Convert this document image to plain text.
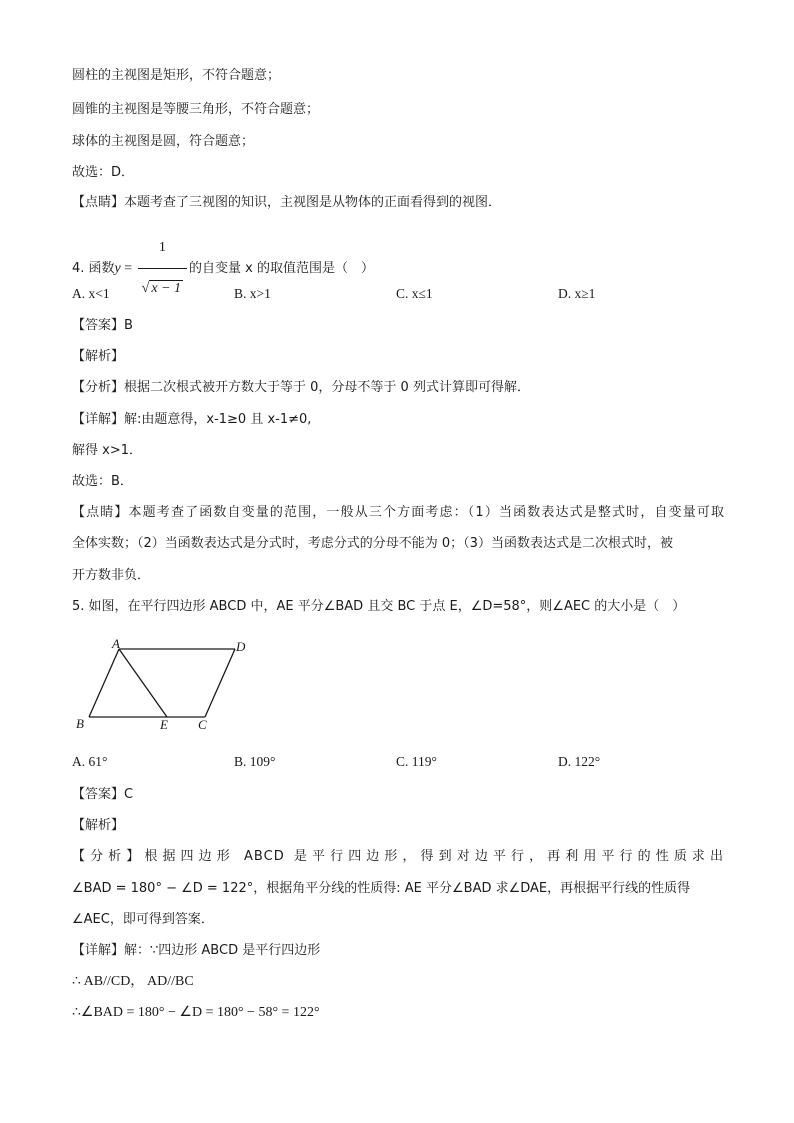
圆柱的主视图是矩形，不符合题意；
圆锥的主视图是等腰三角形，不符合题意；
球体的主视图是圆，符合题意；
故选：D．
【点睛】本题考查了三视图的知识，主视图是从物体的正面看得到的视图．
4. 函数$y = \frac{1}{√ x - 1}$ 的自变量 x 的取值范围是（　）
A. x<1	B. x>1	C. x≤1	D. x≥1
【答案】B
【解析】
【分析】根据二次根式被开方数大于等于 0，分母不等于 0 列式计算即可得解．
【详解】解:由题意得，x-1≥0 且 x-1≠0,
解得 x>1．
故选：B．
【点睛】本题考查了函数自变量的范围，一般从三个方面考虑：（1）当函数表达式是整式时，自变量可取
全体实数；（2）当函数表达式是分式时，考虑分式的分母不能为 0；（3）当函数表达式是二次根式时，被
开方数非负．
5. 如图，在平行四边形 ABCD 中，AE 平分∠BAD 且交 BC 于点 E，∠D=58°，则∠AEC 的大小是（　）
A	D
B	E C
A. 61°	B. 109°	C. 119°	D. 122°
【答案】C
【解析】
【分析】根据四边形 ABCD 是平行四边形，得到对边平行，再利用平行的性质求出
∠BAD = 180° − ∠D = 122°，根据角平分线的性质得: AE 平分∠BAD 求∠DAE，再根据平行线的性质得
∠AEC，即可得到答案．
【详解】解：∵四边形 ABCD 是平行四边形
∴ AB//CD， AD//BC
∴∠BAD = 180° − ∠D = 180° − 58° = 122°
